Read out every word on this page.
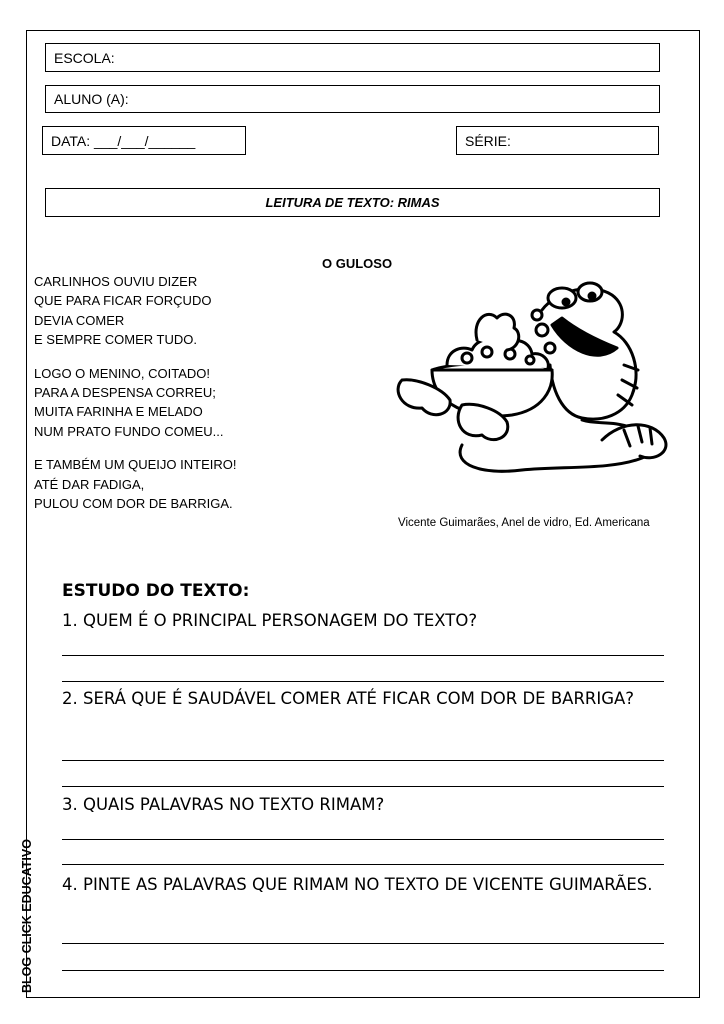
ESCOLA:
ALUNO (A):
DATA: ___/___/______	SÉRIE:
LEITURA DE TEXTO: RIMAS
O GULOSO
CARLINHOS OUVIU DIZER
QUE PARA FICAR FORÇUDO
DEVIA COMER
E SEMPRE COMER TUDO.
LOGO O MENINO, COITADO!
PARA A DESPENSA CORREU;
MUITA FARINHA E MELADO
NUM PRATO FUNDO COMEU...
E TAMBÉM UM QUEIJO INTEIRO!
ATÉ DAR FADIGA,
PULOU COM DOR DE BARRIGA.
Vicente Guimarães, Anel de vidro, Ed. Americana
ESTUDO DO TEXTO:
1. QUEM É O PRINCIPAL PERSONAGEM DO TEXTO?
2. SERÁ QUE É SAUDÁVEL COMER ATÉ FICAR COM DOR DE BARRIGA?
3. QUAIS PALAVRAS NO TEXTO RIMAM?
4. PINTE AS PALAVRAS QUE RIMAM NO TEXTO DE VICENTE GUIMARÃES.
BLOG CLICK EDUCATIVO
